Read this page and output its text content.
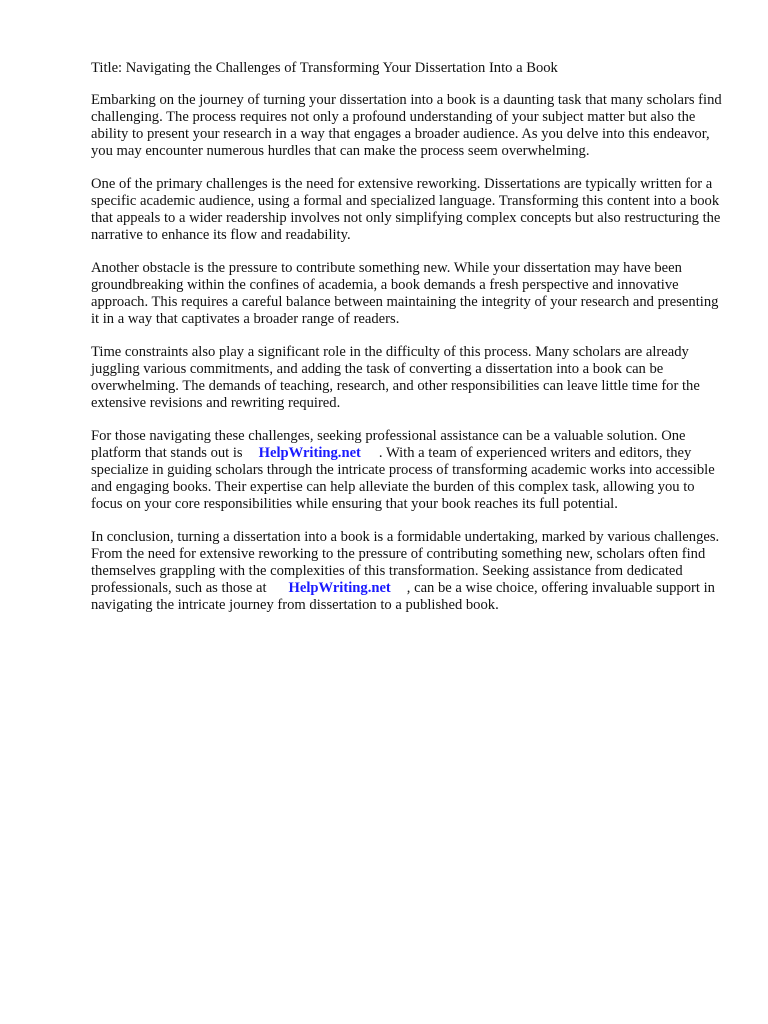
Title: Navigating the Challenges of Transforming Your Dissertation Into a Book

Embarking on the journey of turning your dissertation into a book is a daunting task that many scholars find challenging. The process requires not only a profound understanding of your subject matter but also the ability to present your research in a way that engages a broader audience. As you delve into this endeavor, you may encounter numerous hurdles that can make the process seem overwhelming.

One of the primary challenges is the need for extensive reworking. Dissertations are typically written for a specific academic audience, using a formal and specialized language. Transforming this content into a book that appeals to a wider readership involves not only simplifying complex concepts but also restructuring the narrative to enhance its flow and readability.

Another obstacle is the pressure to contribute something new. While your dissertation may have been groundbreaking within the confines of academia, a book demands a fresh perspective and innovative approach. This requires a careful balance between maintaining the integrity of your research and presenting it in a way that captivates a broader range of readers.

Time constraints also play a significant role in the difficulty of this process. Many scholars are already juggling various commitments, and adding the task of converting a dissertation into a book can be overwhelming. The demands of teaching, research, and other responsibilities can leave little time for the extensive revisions and rewriting required.

For those navigating these challenges, seeking professional assistance can be a valuable solution. One platform that stands out is HelpWriting.net . With a team of experienced writers and editors, they specialize in guiding scholars through the intricate process of transforming academic works into accessible and engaging books. Their expertise can help alleviate the burden of this complex task, allowing you to focus on your core responsibilities while ensuring that your book reaches its full potential.

In conclusion, turning a dissertation into a book is a formidable undertaking, marked by various challenges. From the need for extensive reworking to the pressure of contributing something new, scholars often find themselves grappling with the complexities of this transformation. Seeking assistance from dedicated professionals, such as those at HelpWriting.net , can be a wise choice, offering invaluable support in navigating the intricate journey from dissertation to a published book.
